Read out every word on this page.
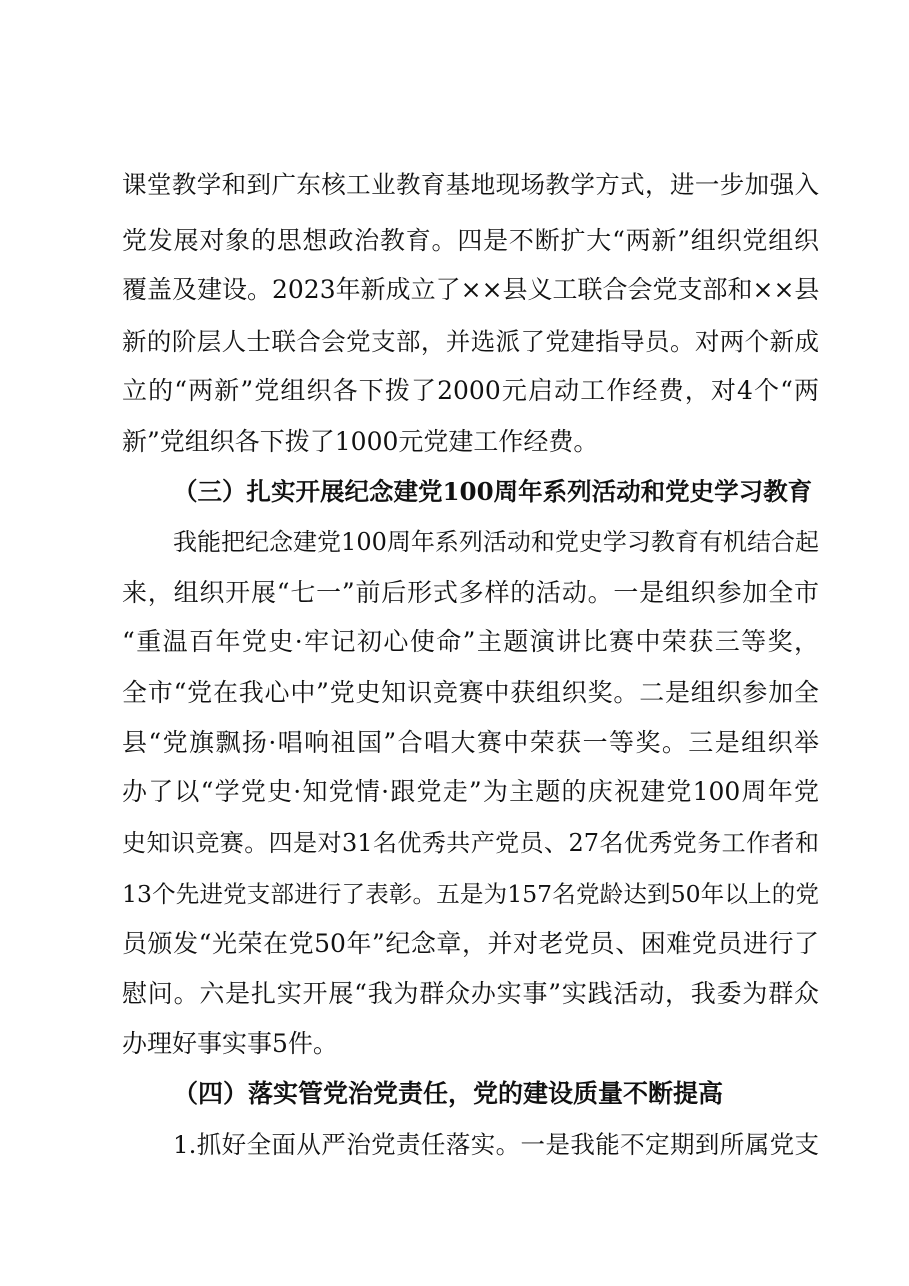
课堂教学和到广东核工业教育基地现场教学方式，进一步加强入
党发展对象的思想政治教育。四是不断扩大“两新”组织党组织
覆盖及建设。2023年新成立了××县义工联合会党支部和××县
新的阶层人士联合会党支部，并选派了党建指导员。对两个新成
立的“两新”党组织各下拨了2000元启动工作经费，对4个“两
新”党组织各下拨了1000元党建工作经费。
（三）扎实开展纪念建党100周年系列活动和党史学习教育
我能把纪念建党100周年系列活动和党史学习教育有机结合起
来，组织开展“七一”前后形式多样的活动。一是组织参加全市
“重温百年党史·牢记初心使命”主题演讲比赛中荣获三等奖，
全市“党在我心中”党史知识竞赛中获组织奖。二是组织参加全
县“党旗飘扬·唱响祖国”合唱大赛中荣获一等奖。三是组织举
办了以“学党史·知党情·跟党走”为主题的庆祝建党100周年党
史知识竞赛。四是对31名优秀共产党员、27名优秀党务工作者和
13个先进党支部进行了表彰。五是为157名党龄达到50年以上的党
员颁发“光荣在党50年”纪念章，并对老党员、困难党员进行了
慰问。六是扎实开展“我为群众办实事”实践活动，我委为群众
办理好事实事5件。
（四）落实管党治党责任，党的建设质量不断提高
1.抓好全面从严治党责任落实。一是我能不定期到所属党支
